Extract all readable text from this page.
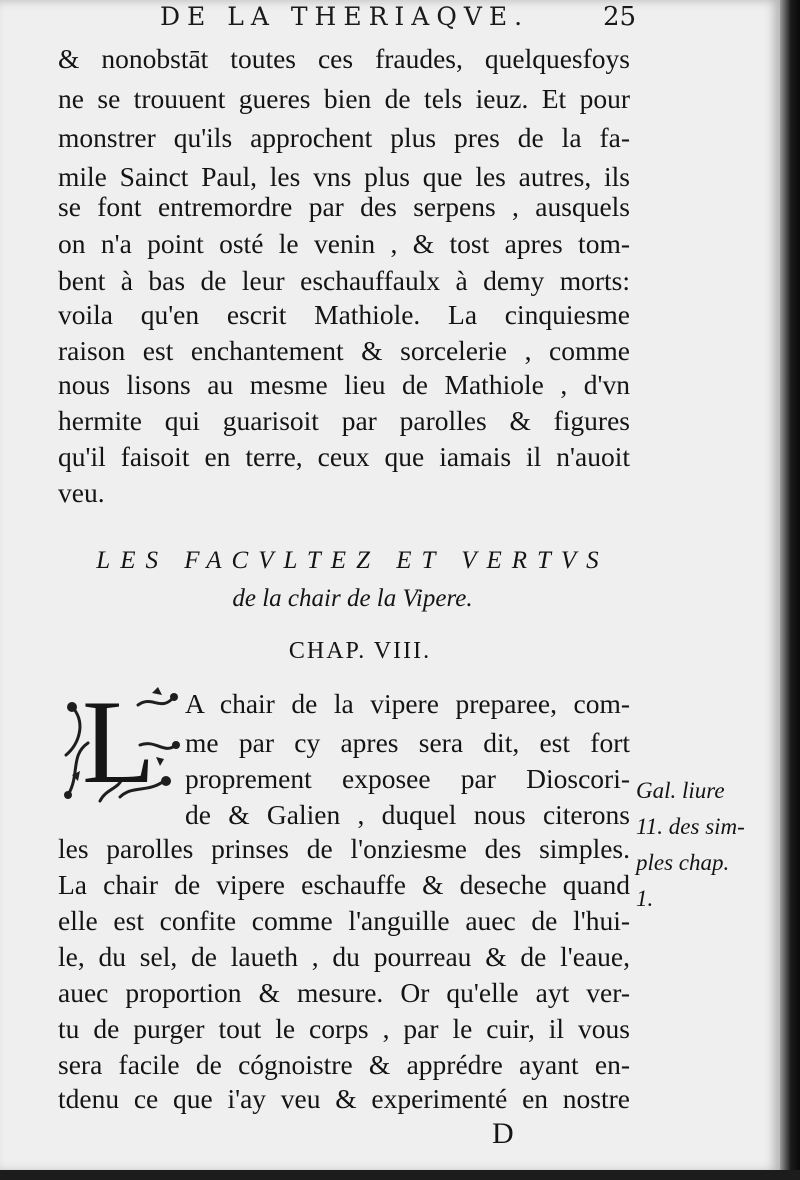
DE LA THERIAQVE.	25
& nonobstāt toutes ces fraudes, quelquesfoys
ne se trouuent gueres bien de tels ieuz. Et pour
monstrer qu'ils approchent plus pres de la fa-
mile Sainct Paul, les vns plus que les autres, ils
se font entremordre par des serpens , ausquels
on n'a point osté le venin , & tost apres tom-
bent à bas de leur eschauffaulx à demy morts:
voila qu'en escrit Mathiole. La cinquiesme
raison est enchantement & sorcelerie , comme
nous lisons au mesme lieu de Mathiole , d'vn
hermite qui guarisoit par parolles & figures
qu'il faisoit en terre, ceux que iamais il n'auoit
veu.
LES FACVLTEZ ET VERTVS
de la chair de la Vipere.
CHAP. VIII.
L A chair de la vipere preparee, com-
me par cy apres sera dit, est fort
proprement exposee par Dioscori-
de & Galien , duquel nous citerons
les parolles prinses de l'onziesme des simples.
La chair de vipere eschauffe & deseche quand
elle est confite comme l'anguille auec de l'hui-
le, du sel, de laueth , du pourreau & de l'eaue,
auec proportion & mesure. Or qu'elle ayt ver-
tu de purger tout le corps , par le cuir, il vous
sera facile de cógnoistre & apprédre ayant en-
tdenu ce que i'ay veu & experimenté en nostre
Gal. liure
11. des sim-
ples chap.
1.
D
